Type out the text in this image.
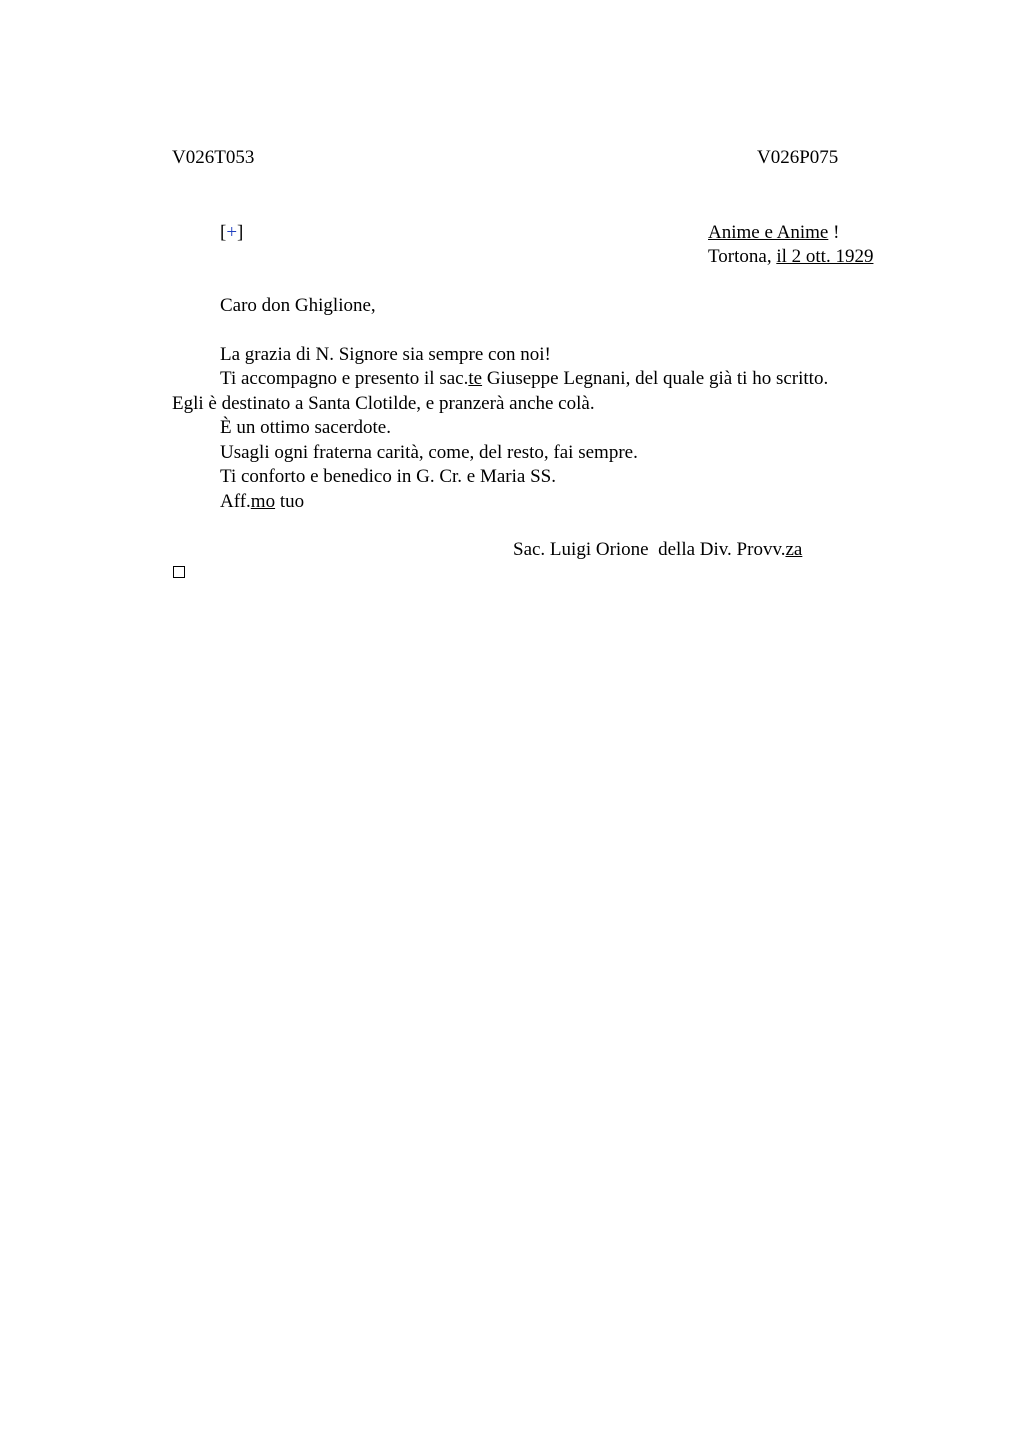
V026T053	V026P075
[+]	Anime e Anime !
Tortona, il 2 ott. 1929
Caro don Ghiglione,
La grazia di N. Signore sia sempre con noi!
Ti accompagno e presento il sac.te Giuseppe Legnani, del quale già ti ho scritto.
Egli è destinato a Santa Clotilde, e pranzerà anche colà.
È un ottimo sacerdote.
Usagli ogni fraterna carità, come, del resto, fai sempre.
Ti conforto e benedico in G. Cr. e Maria SS.
Aff.mo tuo
Sac. Luigi Orione  della Div. Provv.za
